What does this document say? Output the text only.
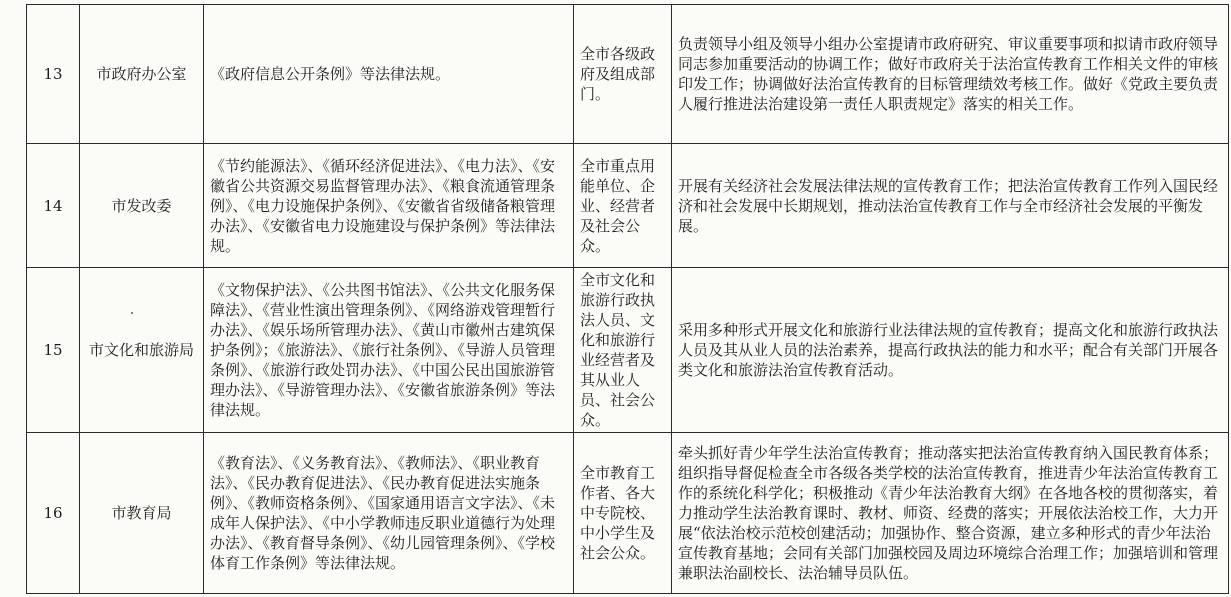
13	市政府办公室	《政府信息公开条例》等法律法规。	全市各级政府及组成部门。	负责领导小组及领导小组办公室提请市政府研究、审议重要事项和拟请市政府领导同志参加重要活动的协调工作；做好市政府关于法治宣传教育工作相关文件的审核印发工作；协调做好法治宣传教育的目标管理绩效考核工作。做好《党政主要负责人履行推进法治建设第一责任人职责规定》落实的相关工作。
14	市发改委	《节约能源法》、《循环经济促进法》、《电力法》、《安徽省公共资源交易监督管理办法》、《粮食流通管理条例》、《电力设施保护条例》、《安徽省省级储备粮管理办法》、《安徽省电力设施建设与保护条例》等法律法规。	全市重点用能单位、企业、经营者及社会公众。	开展有关经济社会发展法律法规的宣传教育工作；把法治宣传教育工作列入国民经济和社会发展中长期规划，推动法治宣传教育工作与全市经济社会发展的平衡发展。
15	市文化和旅游局	《文物保护法》、《公共图书馆法》、《公共文化服务保障法》、《营业性演出管理条例》、《网络游戏管理暂行办法》、《娱乐场所管理办法》、《黄山市徽州古建筑保护条例》；《旅游法》、《旅行社条例》、《导游人员管理条例》、《旅游行政处罚办法》、《中国公民出国旅游管理办法》、《导游管理办法》、《安徽省旅游条例》等法律法规。	全市文化和旅游行政执法人员、文化和旅游行业经营者及其从业人员、社会公众。	采用多种形式开展文化和旅游行业法律法规的宣传教育；提高文化和旅游行政执法人员及其从业人员的法治素养，提高行政执法的能力和水平；配合有关部门开展各类文化和旅游法治宣传教育活动。
16	市教育局	《教育法》、《义务教育法》、《教师法》、《职业教育法》、《民办教育促进法》、《民办教育促进法实施条例》、《教师资格条例》、《国家通用语言文字法》、《未成年人保护法》、《中小学教师违反职业道德行为处理办法》、《教育督导条例》、《幼儿园管理条例》、《学校体育工作条例》等法律法规。	全市教育工作者、各大中专院校、中小学生及社会公众。	牵头抓好青少年学生法治宣传教育；推动落实把法治宣传教育纳入国民教育体系；组织指导督促检查全市各级各类学校的法治宣传教育，推进青少年法治宣传教育工作的系统化科学化；积极推动《青少年法治教育大纲》在各地各校的贯彻落实，着力推动学生法治教育课时、教材、师资、经费的落实；开展依法治校工作，大力开展“依法治校示范校创建活动；加强协作、整合资源，建立多种形式的青少年法治宣传教育基地；会同有关部门加强校园及周边环境综合治理工作；加强培训和管理兼职法治副校长、法治辅导员队伍。
